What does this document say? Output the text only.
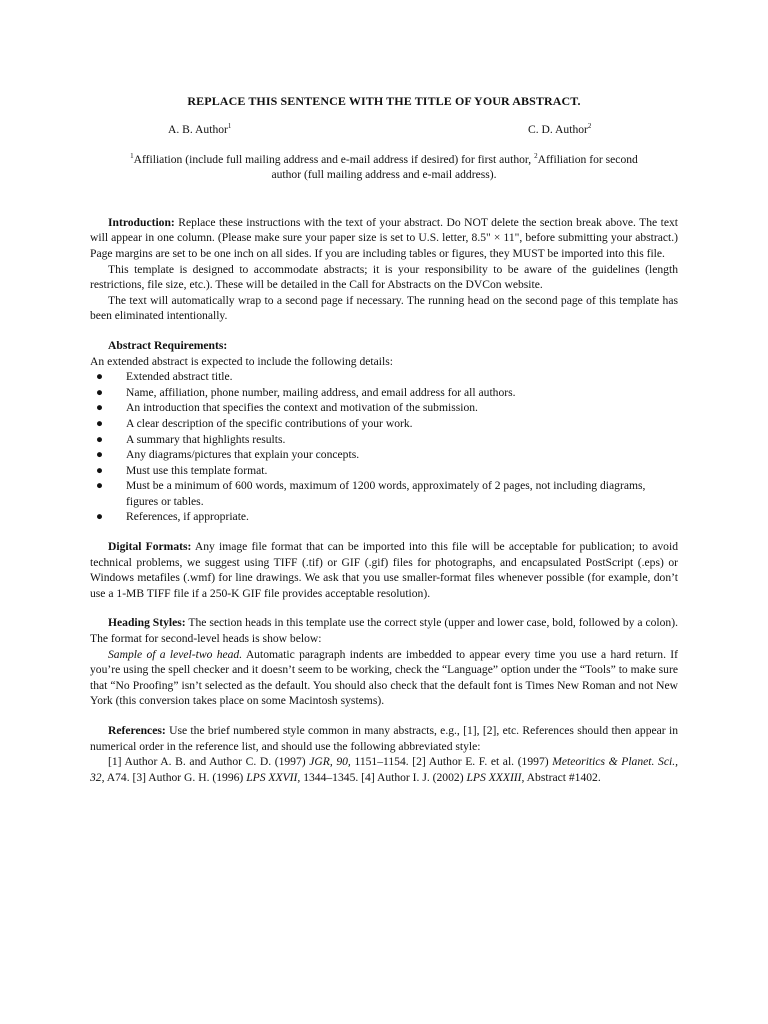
REPLACE THIS SENTENCE WITH THE TITLE OF YOUR ABSTRACT.
A. B. Author$^1$	C. D. Author$^2$
$^1$Affiliation (include full mailing address and e-mail address if desired) for first author, $^2$Affiliation for second author (full mailing address and e-mail address).

Introduction: Replace these instructions with the text of your abstract. Do NOT delete the section break above. The text will appear in one column. (Please make sure your paper size is set to U.S. letter, 8.5" × 11", before submitting your abstract.) Page margins are set to be one inch on all sides. If you are including tables or figures, they MUST be imported into this file.

This template is designed to accommodate abstracts; it is your responsibility to be aware of the guidelines (length restrictions, file size, etc.). These will be detailed in the Call for Abstracts on the DVCon website.

The text will automatically wrap to a second page if necessary. The running head on the second page of this template has been eliminated intentionally.

Abstract Requirements:

An extended abstract is expected to include the following details:

● Extended abstract title.
● Name, affiliation, phone number, mailing address, and email address for all authors.
● An introduction that specifies the context and motivation of the submission.
● A clear description of the specific contributions of your work.
● A summary that highlights results.
● Any diagrams/pictures that explain your concepts.
● Must use this template format.
● Must be a minimum of 600 words, maximum of 1200 words, approximately of 2 pages, not including diagrams, figures or tables.
● References, if appropriate.

Digital Formats: Any image file format that can be imported into this file will be acceptable for publication; to avoid technical problems, we suggest using TIFF (.tif) or GIF (.gif) files for photographs, and encapsulated PostScript (.eps) or Windows metafiles (.wmf) for line drawings. We ask that you use smaller-format files whenever possible (for example, don’t use a 1-MB TIFF file if a 250-K GIF file provides acceptable resolution).

Heading Styles: The section heads in this template use the correct style (upper and lower case, bold, followed by a colon). The format for second-level heads is show below:

Sample of a level-two head. Automatic paragraph indents are imbedded to appear every time you use a hard return. If you’re using the spell checker and it doesn’t seem to be working, check the “Language” option under the “Tools” to make sure that “No Proofing” isn’t selected as the default. You should also check that the default font is Times New Roman and not New York (this conversion takes place on some Macintosh systems).

References: Use the brief numbered style common in many abstracts, e.g., [1], [2], etc. References should then appear in numerical order in the reference list, and should use the following abbreviated style:

[1] Author A. B. and Author C. D. (1997) JGR, 90, 1151–1154. [2] Author E. F. et al. (1997) Meteoritics & Planet. Sci., 32, A74. [3] Author G. H. (1996) LPS XXVII, 1344–1345. [4] Author I. J. (2002) LPS XXXIII, Abstract #1402.
